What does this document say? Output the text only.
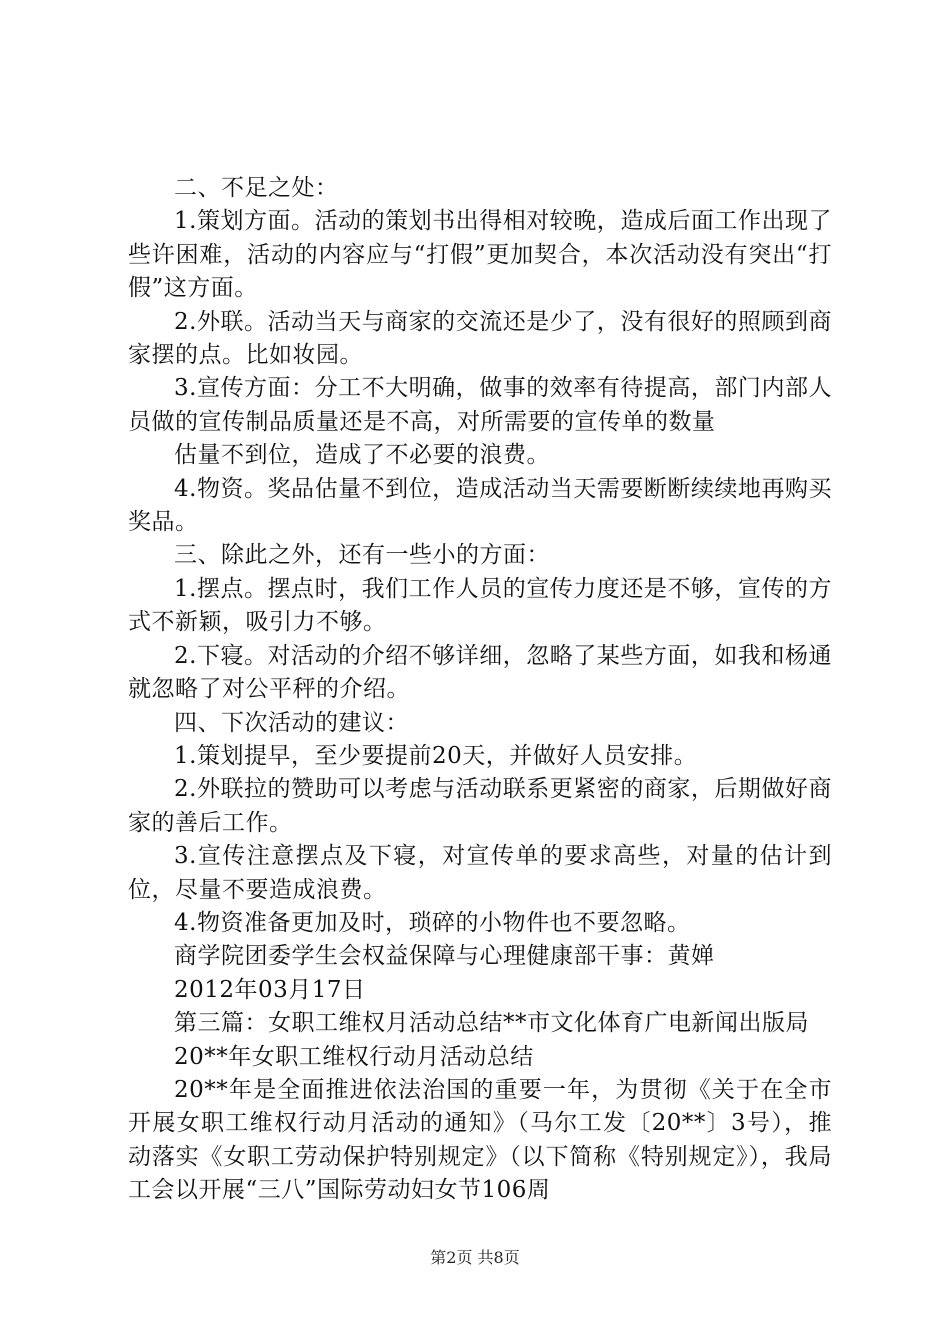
二、不足之处：

1.策划方面。活动的策划书出得相对较晚，造成后面工作出现了些许困难，活动的内容应与“打假”更加契合，本次活动没有突出“打假”这方面。

2.外联。活动当天与商家的交流还是少了，没有很好的照顾到商家摆的点。比如妆园。

3.宣传方面：分工不大明确，做事的效率有待提高，部门内部人员做的宣传制品质量还是不高，对所需要的宣传单的数量

估量不到位，造成了不必要的浪费。

4.物资。奖品估量不到位，造成活动当天需要断断续续地再购买奖品。

三、除此之外，还有一些小的方面：

1.摆点。摆点时，我们工作人员的宣传力度还是不够，宣传的方式不新颖，吸引力不够。

2.下寝。对活动的介绍不够详细，忽略了某些方面，如我和杨通就忽略了对公平秤的介绍。

四、下次活动的建议：

1.策划提早，至少要提前20天，并做好人员安排。

2.外联拉的赞助可以考虑与活动联系更紧密的商家，后期做好商家的善后工作。

3.宣传注意摆点及下寝，对宣传单的要求高些，对量的估计到位，尽量不要造成浪费。

4.物资准备更加及时，琐碎的小物件也不要忽略。

商学院团委学生会权益保障与心理健康部干事：黄婵

2012年03月17日

第三篇：女职工维权月活动总结**市文化体育广电新闻出版局

20**年女职工维权行动月活动总结

20**年是全面推进依法治国的重要一年，为贯彻《关于在全市开展女职工维权行动月活动的通知》（马尔工发〔20**〕3号），推动落实《女职工劳动保护特别规定》（以下简称《特别规定》），我局工会以开展“三八”国际劳动妇女节106周

第2页 共8页
